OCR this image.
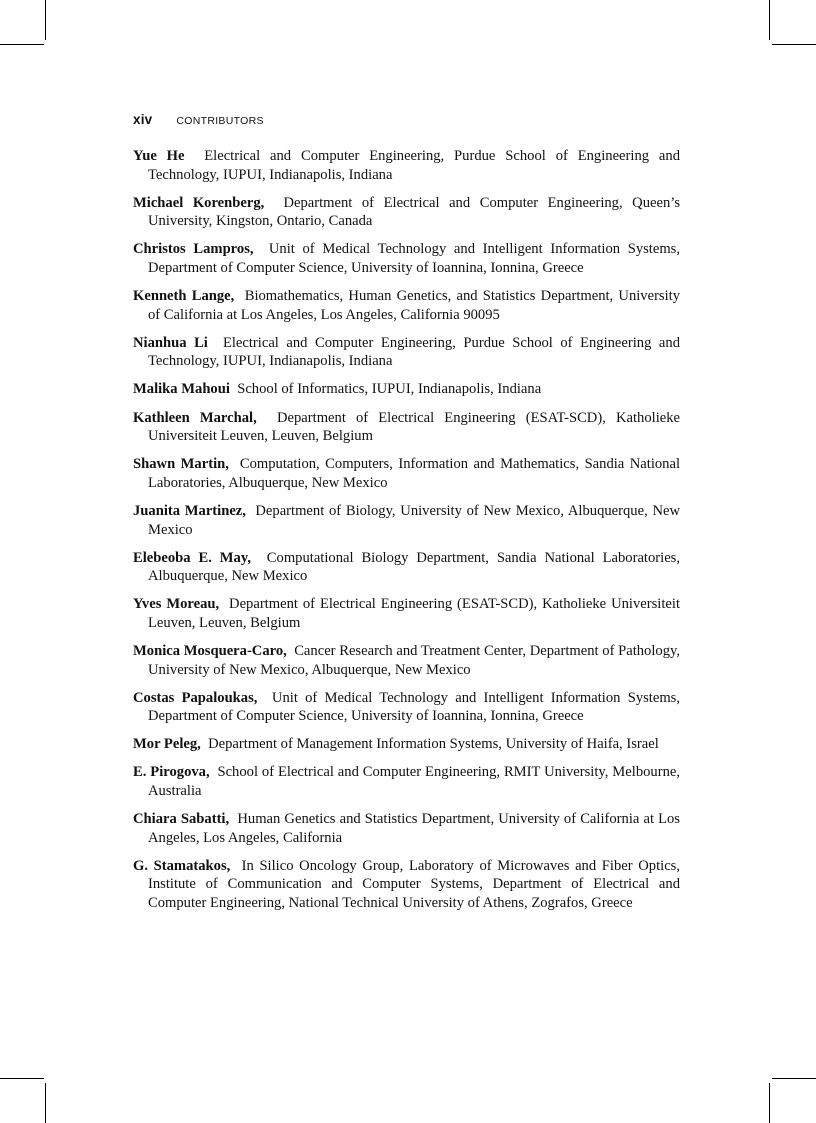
xiv CONTRIBUTORS

Yue He Electrical and Computer Engineering, Purdue School of Engineering and Technology, IUPUI, Indianapolis, Indiana

Michael Korenberg, Department of Electrical and Computer Engineering, Queen’s University, Kingston, Ontario, Canada

Christos Lampros, Unit of Medical Technology and Intelligent Information Systems, Department of Computer Science, University of Ioannina, Ionnina, Greece

Kenneth Lange, Biomathematics, Human Genetics, and Statistics Department, University of California at Los Angeles, Los Angeles, California 90095

Nianhua Li Electrical and Computer Engineering, Purdue School of Engineering and Technology, IUPUI, Indianapolis, Indiana

Malika Mahoui School of Informatics, IUPUI, Indianapolis, Indiana

Kathleen Marchal, Department of Electrical Engineering (ESAT-SCD), Katholieke Universiteit Leuven, Leuven, Belgium

Shawn Martin, Computation, Computers, Information and Mathematics, Sandia National Laboratories, Albuquerque, New Mexico

Juanita Martinez, Department of Biology, University of New Mexico, Albuquerque, New Mexico

Elebeoba E. May, Computational Biology Department, Sandia National Laboratories, Albuquerque, New Mexico

Yves Moreau, Department of Electrical Engineering (ESAT-SCD), Katholieke Universiteit Leuven, Leuven, Belgium

Monica Mosquera-Caro, Cancer Research and Treatment Center, Department of Pathology, University of New Mexico, Albuquerque, New Mexico

Costas Papaloukas, Unit of Medical Technology and Intelligent Information Systems, Department of Computer Science, University of Ioannina, Ionnina, Greece

Mor Peleg, Department of Management Information Systems, University of Haifa, Israel

E. Pirogova, School of Electrical and Computer Engineering, RMIT University, Melbourne, Australia

Chiara Sabatti, Human Genetics and Statistics Department, University of California at Los Angeles, Los Angeles, California

G. Stamatakos, In Silico Oncology Group, Laboratory of Microwaves and Fiber Optics, Institute of Communication and Computer Systems, Department of Electrical and Computer Engineering, National Technical University of Athens, Zografos, Greece
